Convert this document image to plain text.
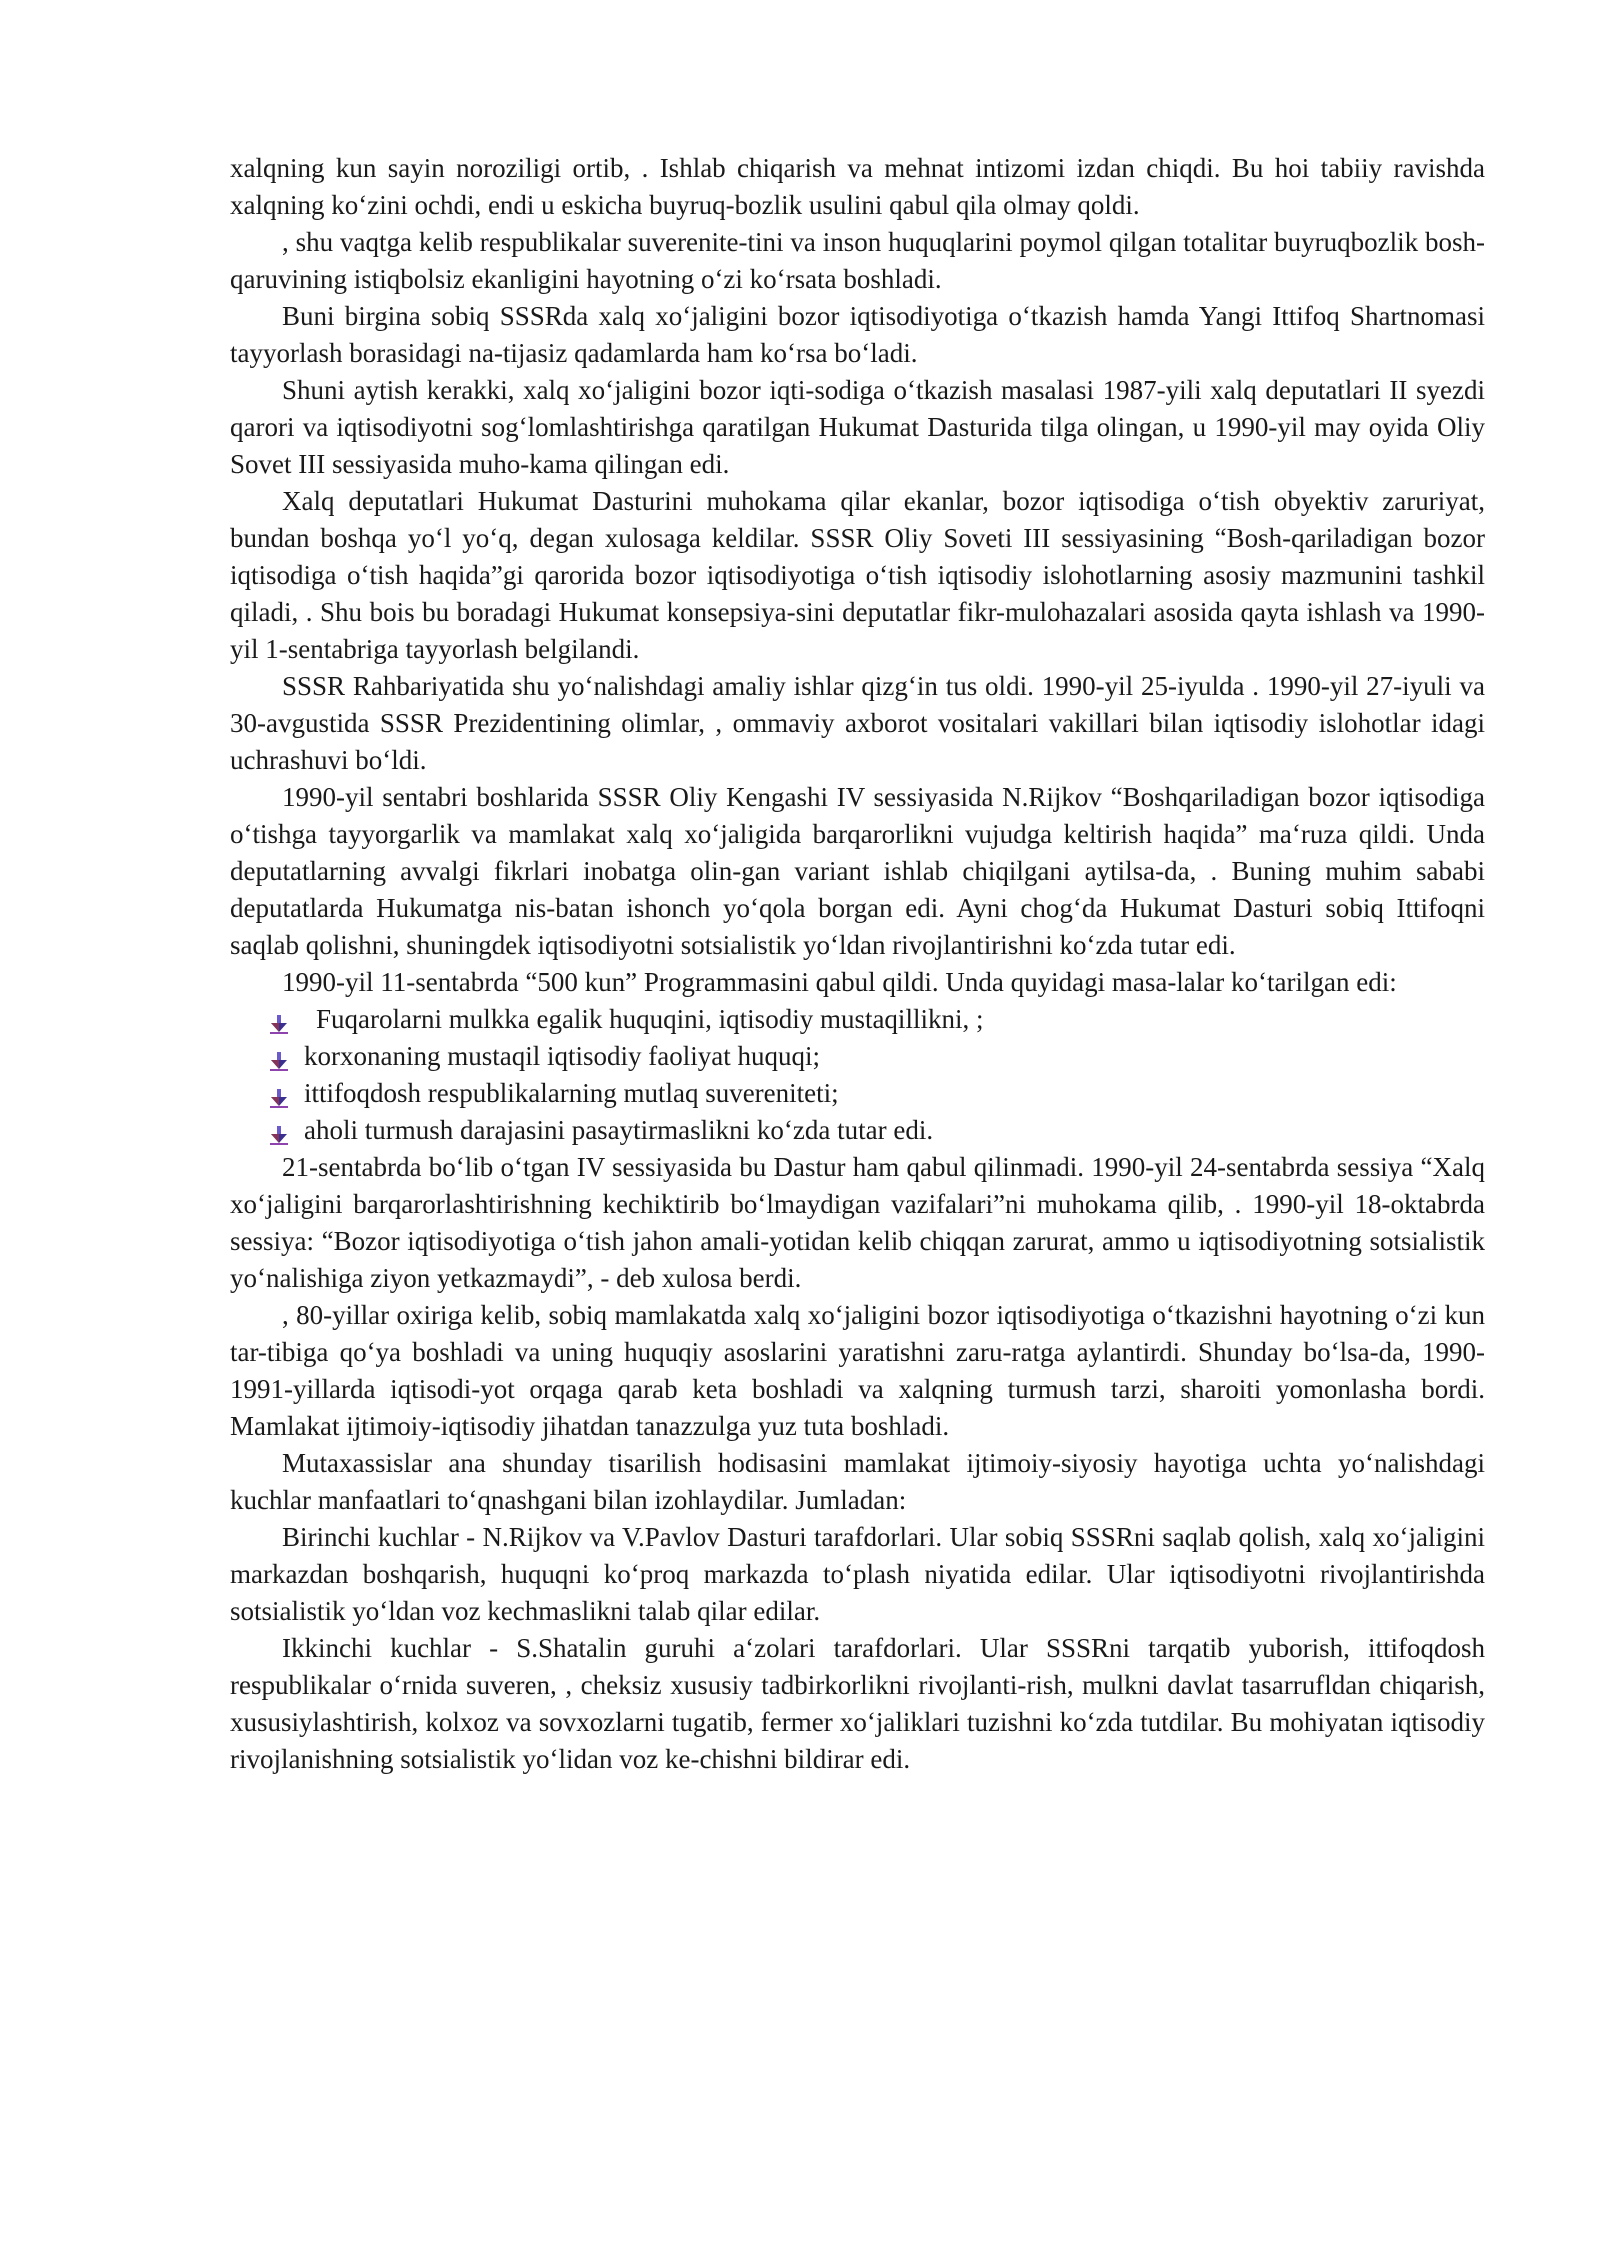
xalqning kun sayin noroziligi ortib, . Ishlab chiqarish va mehnat intizomi izdan chiqdi. Bu hoi tabiiy ravishda xalqning ko‘zini ochdi, endi u eskicha buyruq-bozlik usulini qabul qila olmay qoldi.

, shu vaqtga kelib respublikalar suverenite-tini va inson huquqlarini poymol qilgan totalitar buyruqbozlik bosh-qaruvining istiqbolsiz ekanligini hayotning o‘zi ko‘rsata boshladi.

Buni birgina sobiq SSSRda xalq xo‘jaligini bozor iqtisodiyotiga o‘tkazish hamda Yangi Ittifoq Shartnomasi tayyorlash borasidagi na-tijasiz qadamlarda ham ko‘rsa bo‘ladi.

Shuni aytish kerakki, xalq xo‘jaligini bozor iqti-sodiga o‘tkazish masalasi 1987-yili xalq deputatlari II syezdi qarori va iqtisodiyotni sog‘lomlashtirishga qaratilgan Hukumat Dasturida tilga olingan, u 1990-yil may oyida Oliy Sovet III sessiyasida muho-kama qilingan edi.

Xalq deputatlari Hukumat Dasturini muhokama qilar ekanlar, bozor iqtisodiga o‘tish obyektiv zaruriyat, bundan boshqa yo‘l yo‘q, degan xulosaga keldilar. SSSR Oliy Soveti III sessiyasining “Bosh-qariladigan bozor iqtisodiga o‘tish haqida”gi qarorida bozor iqtisodiyotiga o‘tish iqtisodiy islohotlarning asosiy mazmunini tashkil qiladi, . Shu bois bu boradagi Hukumat konsepsiya-sini deputatlar fikr-mulohazalari asosida qayta ishlash va 1990-yil 1-sentabriga tayyorlash belgilandi.

SSSR Rahbariyatida shu yo‘nalishdagi amaliy ishlar qizg‘in tus oldi. 1990-yil 25-iyulda . 1990-yil 27-iyuli va 30-avgustida SSSR Prezidentining olimlar, , ommaviy axborot vositalari vakillari bilan iqtisodiy islohotlar idagi uchrashuvi bo‘ldi.

1990-yil sentabri boshlarida SSSR Oliy Kengashi IV sessiyasida N.Rijkov “Boshqariladigan bozor iqtisodiga o‘tishga tayyorgarlik va mamlakat xalq xo‘jaligida barqarorlikni vujudga keltirish haqida” ma‘ruza qildi. Unda deputatlarning avvalgi fikrlari inobatga olin-gan variant ishlab chiqilgani aytilsa-da, . Buning muhim sababi deputatlarda Hukumatga nis-batan ishonch yo‘qola borgan edi. Ayni chog‘da Hukumat Dasturi sobiq Ittifoqni saqlab qolishni, shuningdek iqtisodiyotni sotsialistik yo‘ldan rivojlantirishni ko‘zda tutar edi.

1990-yil 11-sentabrda “500 kun” Programmasini qabul qildi. Unda quyidagi masa-lalar ko‘tarilgan edi:

Fuqarolarni mulkka egalik huquqini, iqtisodiy mustaqillikni, ;
korxonaning mustaqil iqtisodiy faoliyat huquqi;
ittifoqdosh respublikalarning mutlaq suvereniteti;
aholi turmush darajasini pasaytirmaslikni ko‘zda tutar edi.

21-sentabrda bo‘lib o‘tgan IV sessiyasida bu Dastur ham qabul qilinmadi. 1990-yil 24-sentabrda sessiya “Xalq xo‘jaligini barqarorlashtirishning kechiktirib bo‘lmaydigan vazifalari”ni muhokama qilib, . 1990-yil 18-oktabrda sessiya: “Bozor iqtisodiyotiga o‘tish jahon amali-yotidan kelib chiqqan zarurat, ammo u iqtisodiyotning sotsialistik yo‘nalishiga ziyon yetkazmaydi”, - deb xulosa berdi.

, 80-yillar oxiriga kelib, sobiq mamlakatda xalq xo‘jaligini bozor iqtisodiyotiga o‘tkazishni hayotning o‘zi kun tar-tibiga qo‘ya boshladi va uning huquqiy asoslarini yaratishni zaru-ratga aylantirdi. Shunday bo‘lsa-da, 1990-1991-yillarda iqtisodi-yot orqaga qarab keta boshladi va xalqning turmush tarzi, sharoiti yomonlasha bordi. Mamlakat ijtimoiy-iqtisodiy jihatdan tanazzulga yuz tuta boshladi.

Mutaxassislar ana shunday tisarilish hodisasini mamlakat ijtimoiy-siyosiy hayotiga uchta yo‘nalishdagi kuchlar manfaatlari to‘qnashgani bilan izohlaydilar. Jumladan:

Birinchi kuchlar - N.Rijkov va V.Pavlov Dasturi tarafdorlari. Ular sobiq SSSRni saqlab qolish, xalq xo‘jaligini markazdan boshqarish, huquqni ko‘proq markazda to‘plash niyatida edilar. Ular iqtisodiyotni rivojlantirishda sotsialistik yo‘ldan voz kechmaslikni talab qilar edilar.

Ikkinchi kuchlar - S.Shatalin guruhi a‘zolari tarafdorlari. Ular SSSRni tarqatib yuborish, ittifoqdosh respublikalar o‘rnida suveren, , cheksiz xususiy tadbirkorlikni rivojlanti-rish, mulkni davlat tasarrufldan chiqarish, xususiylashtirish, kolxoz va sovxozlarni tugatib, fermer xo‘jaliklari tuzishni ko‘zda tutdilar. Bu mohiyatan iqtisodiy rivojlanishning sotsialistik yo‘lidan voz ke-chishni bildirar edi.
